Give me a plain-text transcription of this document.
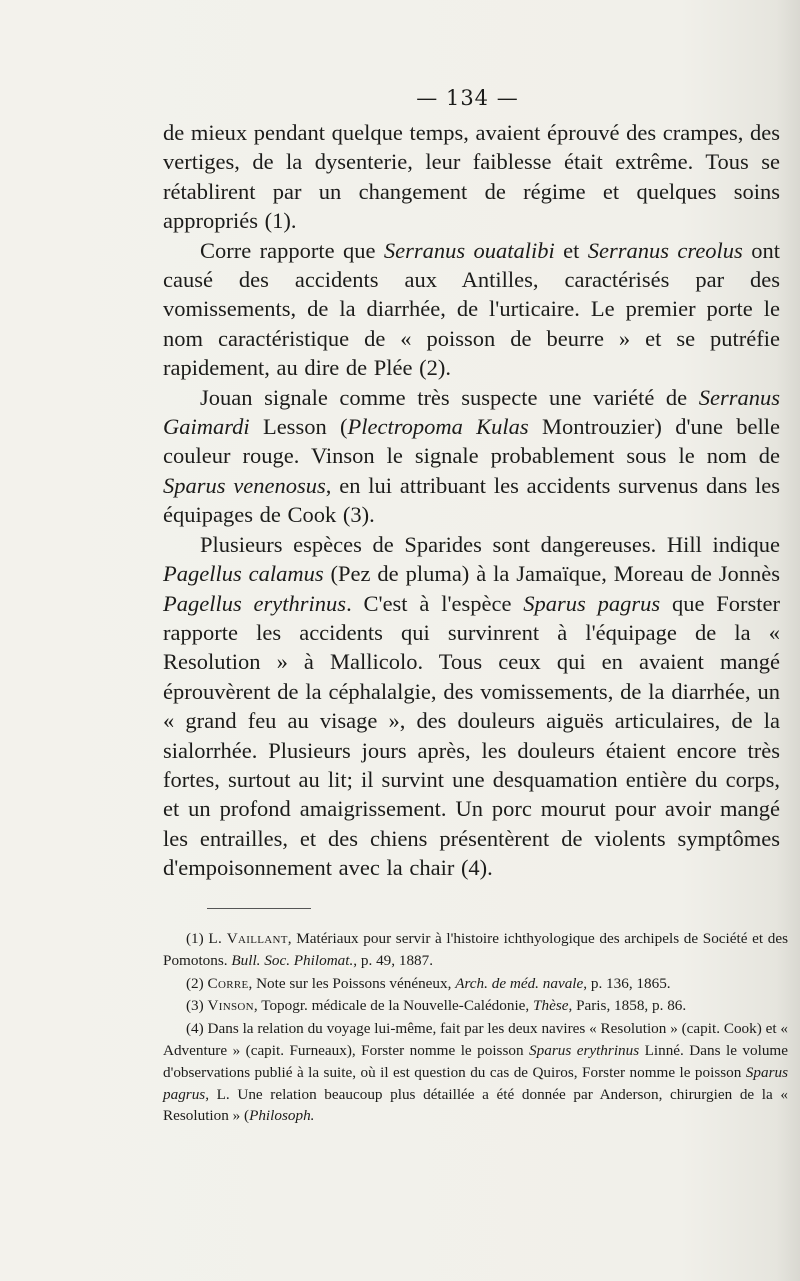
— 134 —

de mieux pendant quelque temps, avaient éprouvé des crampes, des vertiges, de la dysenterie, leur faiblesse était extrême. Tous se rétablirent par un changement de régime et quelques soins appropriés (1).

Corre rapporte que Serranus ouatalibi et Serranus creolus ont causé des accidents aux Antilles, caractérisés par des vomissements, de la diarrhée, de l'urticaire. Le premier porte le nom caractéristique de « poisson de beurre » et se putréfie rapidement, au dire de Plée (2).

Jouan signale comme très suspecte une variété de Serranus Gaimardi Lesson (Plectropoma Kulas Montrouzier) d'une belle couleur rouge. Vinson le signale probablement sous le nom de Sparus venenosus, en lui attribuant les accidents survenus dans les équipages de Cook (3).

Plusieurs espèces de Sparides sont dangereuses. Hill indique Pagellus calamus (Pez de pluma) à la Jamaïque, Moreau de Jonnès Pagellus erythrinus. C'est à l'espèce Sparus pagrus que Forster rapporte les accidents qui survinrent à l'équipage de la « Resolution » à Mallicolo. Tous ceux qui en avaient mangé éprouvèrent de la céphalalgie, des vomissements, de la diarrhée, un « grand feu au visage », des douleurs aiguës articulaires, de la sialorrhée. Plusieurs jours après, les douleurs étaient encore très fortes, surtout au lit; il survint une desquamation entière du corps, et un profond amaigrissement. Un porc mourut pour avoir mangé les entrailles, et des chiens présentèrent de violents symptômes d'empoisonnement avec la chair (4).

(1) L. Vaillant, Matériaux pour servir à l'histoire ichthyologique des archipels de Société et des Pomotons. Bull. Soc. Philomat., p. 49, 1887.

(2) Corre, Note sur les Poissons vénéneux, Arch. de méd. navale, p. 136, 1865.

(3) Vinson, Topogr. médicale de la Nouvelle-Calédonie, Thèse, Paris, 1858, p. 86.

(4) Dans la relation du voyage lui-même, fait par les deux navires « Resolution » (capit. Cook) et « Adventure » (capit. Furneaux), Forster nomme le poisson Sparus erythrinus Linné. Dans le volume d'observations publié à la suite, où il est question du cas de Quiros, Forster nomme le poisson Sparus pagrus, L. Une relation beaucoup plus détaillée a été donnée par Anderson, chirurgien de la « Resolution » (Philosoph.
